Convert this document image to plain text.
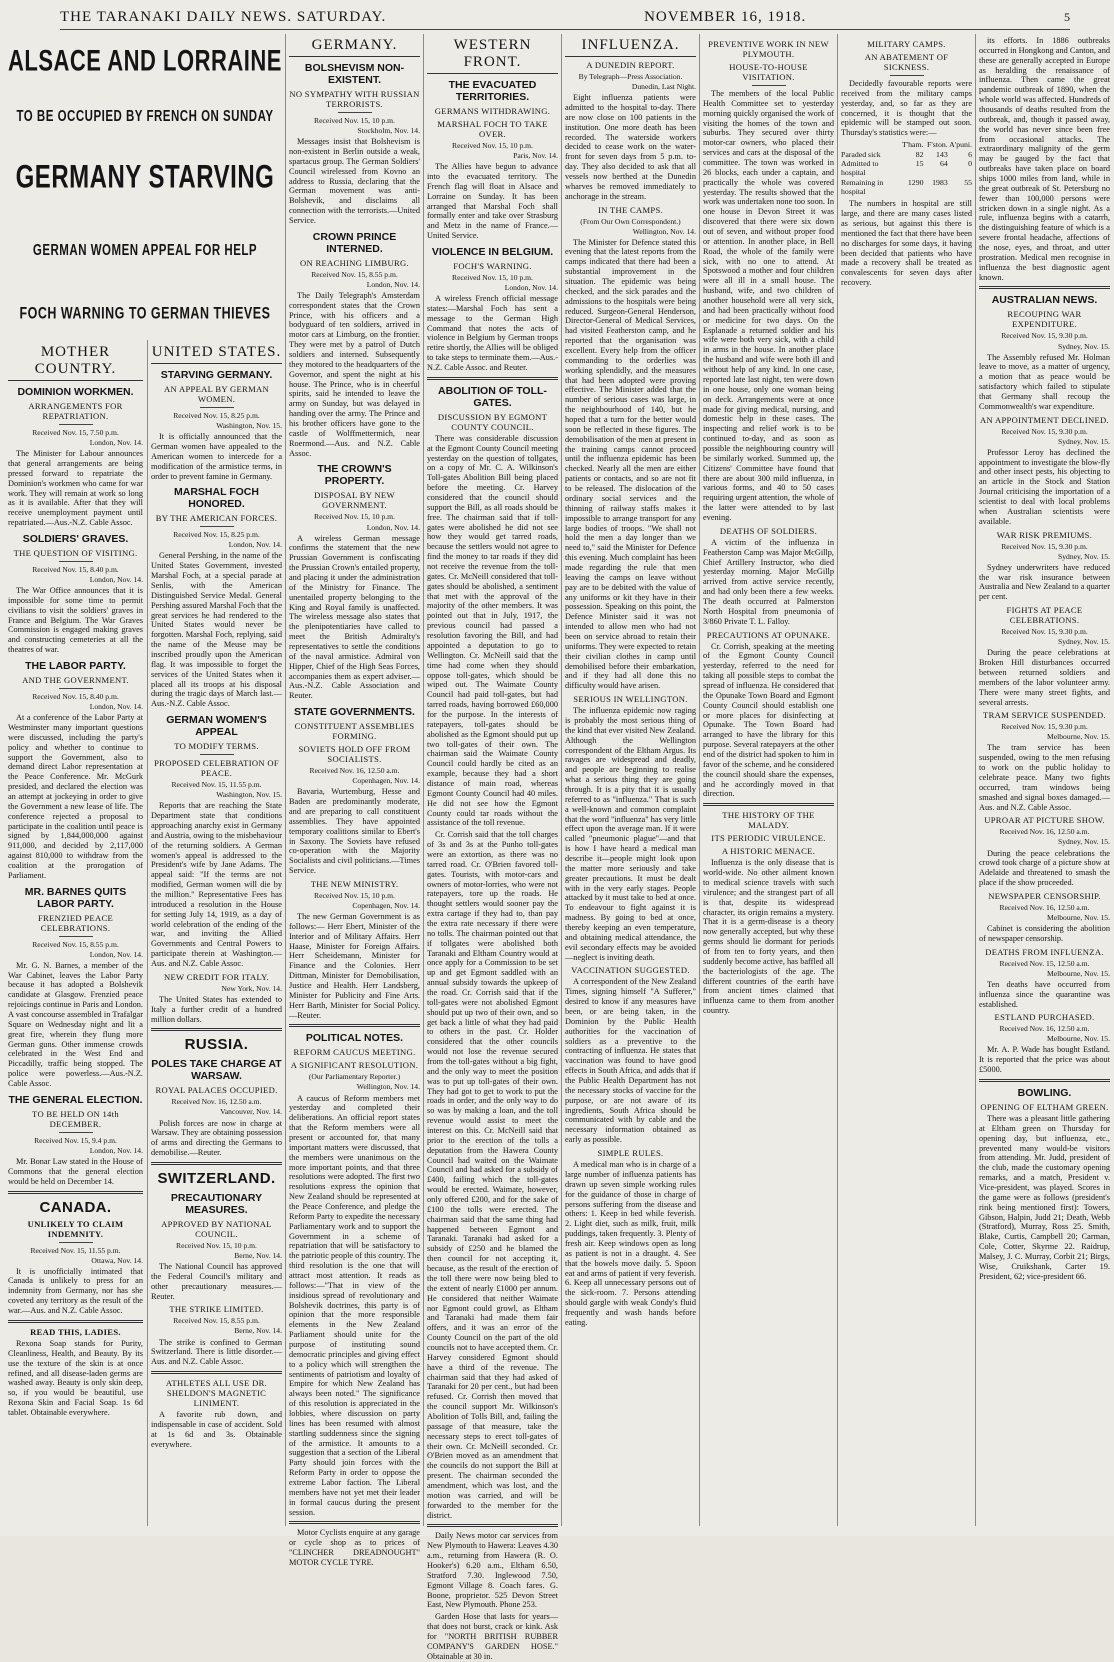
THE TARANAKI DAILY NEWS. SATURDAY.	NOVEMBER 16, 1918.	5
ALSACE AND LORRAINE
TO BE OCCUPIED BY FRENCH ON SUNDAY
GERMANY STARVING
GERMAN WOMEN APPEAL FOR HELP
FOCH WARNING TO GERMAN THIEVES
MOTHER COUNTRY.
DOMINION WORKMEN.
ARRANGEMENTS FOR REPATRIATION.

Received Nov. 15, 7.50 p.m.

London, Nov. 14.

The Minister for Labour announces that general arrangements are being pressed forward to repatriate the Dominion's workmen who came for war work. They will remain at work so long as it is available. After that they will receive unemployment payment until repatriated.—Aus.-N.Z. Cable Assoc.

SOLDIERS' GRAVES.
THE QUESTION OF VISITING.

Received Nov. 15, 8.40 p.m.

London, Nov. 14.

The War Office announces that it is impossible for some time to permit civilians to visit the soldiers' graves in France and Belgium. The War Graves Commission is engaged making graves and constructing cemeteries at all the theatres of war.

THE LABOR PARTY.
AND THE GOVERNMENT.

Received Nov. 15, 8.40 p.m.

London, Nov. 14.

At a conference of the Labor Party at Westminster many important questions were discussed, including the party's policy and whether to continue to support the Government, also to demand direct Labor representation at the Peace Conference. Mr. McGurk presided, and declared the election was an attempt at jockeying in order to give the Government a new lease of life. The conference rejected a proposal to participate in the coalition until peace is signed by 1,844,000,000 against 911,000, and decided by 2,117,000 against 810,000 to withdraw from the coalition at the prorogation of Parliament.

MR. BARNES QUITS LABOR PARTY.
FRENZIED PEACE CELEBRATIONS.

Received Nov. 15, 8.55 p.m.

London, Nov. 14.

Mr. G. N. Barnes, a member of the War Cabinet, leaves the Labor Party because it has adopted a Bolshevik candidate at Glasgow. Frenzied peace rejoicings continue in Paris and London. A vast concourse assembled in Trafalgar Square on Wednesday night and lit a great fire, wherein they flung more German guns. Other immense crowds celebrated in the West End and Piccadilly, traffic being stopped. The police were powerless.—Aus.-N.Z. Cable Assoc.

THE GENERAL ELECTION.
TO BE HELD ON 14th DECEMBER.

Received Nov. 15, 9.4 p.m.

London, Nov. 14.

Mr. Bonar Law stated in the House of Commons that the general election would be held on December 14.

CANADA.
UNLIKELY TO CLAIM INDEMNITY.

Received Nov. 15, 11.55 p.m.

Ottawa, Nov. 14.

It is unofficially intimated that Canada is unlikely to press for an indemnity from Germany, nor has she coveted any territory as the result of the war.—Aus. and N.Z. Cable Assoc.

READ THIS, LADIES.

Rexona Soap stands for Purity, Cleanliness, Health, and Beauty. By its use the texture of the skin is at once refined, and all disease-laden germs are washed away. Beauty is only skin deep, so, if you would be beautiful, use Rexona Skin and Facial Soap. 1s 6d tablet. Obtainable everywhere.

UNITED STATES.
STARVING GERMANY.
AN APPEAL BY GERMAN WOMEN.

Received Nov. 15, 8.25 p.m.

Washington, Nov. 15.

It is officially announced that the German women have appealed to the American women to intercede for a modification of the armistice terms, in order to prevent famine in Germany.

MARSHAL FOCH HONORED.
BY THE AMERICAN FORCES.

Received Nov. 15, 8.25 p.m.

London, Nov. 14.

General Pershing, in the name of the United States Government, invested Marshal Foch, at a special parade at Senlis, with the American Distinguished Service Medal. General Pershing assured Marshal Foch that the great services he had rendered to the United States would never be forgotten. Marshal Foch, replying, said the name of the Meuse may be inscribed proudly upon the American flag. It was impossible to forget the services of the United States when it placed all its troops at his disposal during the tragic days of March last.—Aus.-N.Z. Cable Assoc.

GERMAN WOMEN'S APPEAL
TO MODIFY TERMS.
PROPOSED CELEBRATION OF PEACE.

Received Nov. 15, 11.55 p.m.

Washington, Nov. 15.

Reports that are reaching the State Department state that conditions approaching anarchy exist in Germany and Austria, owing to the misbehaviour of the returning soldiers. A German women's appeal is addressed to the President's wife by Jane Adams. The appeal said: "If the terms are not modified, German women will die by the million." Representative Fees has introduced a resolution in the House for setting July 14, 1919, as a day of world celebration of the ending of the war, and inviting the Allied Governments and Central Powers to participate therein at Washington.—Aus. and N.Z. Cable Assoc.

NEW CREDIT FOR ITALY.

New York, Nov. 14.

The United States has extended to Italy a further credit of a hundred million dollars.

RUSSIA.
POLES TAKE CHARGE AT WARSAW.
ROYAL PALACES OCCUPIED.

Received Nov. 16, 12.50 a.m.

Vancouver, Nov. 14.

Polish forces are now in charge at Warsaw. They are obtaining possession of arms and directing the Germans to demobilise.—Reuter.

SWITZERLAND.
PRECAUTIONARY MEASURES.
APPROVED BY NATIONAL COUNCIL.

Received Nov. 15, 10 p.m.

Berne, Nov. 14.

The National Council has approved the Federal Council's military and other precautionary measures.—Reuter.

THE STRIKE LIMITED.

Received Nov. 15, 8.55 p.m.

Berne, Nov. 14.

The strike is confined to German Switzerland. There is little disorder.—Aus. and N.Z. Cable Assoc.

ATHLETES ALL USE DR. SHELDON'S MAGNETIC LINIMENT.

A favorite rub down, and indispensable in case of accident. Sold at 1s 6d and 3s. Obtainable everywhere.

GERMANY.
BOLSHEVISM NON-EXISTENT.
NO SYMPATHY WITH RUSSIAN TERRORISTS.

Received Nov. 15, 10 p.m.

Stockholm, Nov. 14.

Messages insist that Bolshevism is non-existent in Berlin outside a weak, spartacus group. The German Soldiers' Council wirelessed from Kovno an address to Russia, declaring that the German movement was anti-Bolshevik, and disclaims all connection with the terrorists.—United Service.

CROWN PRINCE INTERNED.
ON REACHING LIMBURG.

Received Nov. 15, 8.55 p.m.

London, Nov. 14.

The Daily Telegraph's Amsterdam correspondent states that the Crown Prince, with his officers and a bodyguard of ten soldiers, arrived in motor cars at Limburg, on the frontier. They were met by a patrol of Dutch soldiers and interned. Subsequently they motored to the headquarters of the Governor, and spent the night at his house. The Prince, who is in cheerful spirits, said he intended to leave the army on Sunday, but was delayed in handing over the army. The Prince and his brother officers have gone to the castle of Wolffmettermich, near Roermond.—Aus. and N.Z. Cable Assoc.

THE CROWN'S PROPERTY.
DISPOSAL BY NEW GOVERNMENT.

Received Nov. 15, 10 p.m.

London, Nov. 14.

A wireless German message confirms the statement that the new Prussian Government is confiscating the Prussian Crown's entailed property, and placing it under the administration of the Ministry for Finance. The unentailed property belonging to the King and Royal family is unaffected. The wireless message also states that the plenipotentiaries have called to meet the British Admiralty's representatives to settle the conditions of the naval armistice. Admiral von Hipper, Chief of the High Seas Forces, accompanies them as expert adviser.—Aus.-N.Z. Cable Association and Reuter.

STATE GOVERNMENTS.
CONSTITUENT ASSEMBLIES FORMING.
SOVIETS HOLD OFF FROM SOCIALISTS.

Received Nov. 16, 12.50 a.m.

Copenhagen, Nov. 14.

Bavaria, Wurtemburg, Hesse and Baden are predominantly moderate, and are preparing to call constituent assemblies. They have appointed temporary coalitions similar to Ebert's in Saxony. The Soviets have refused co-operation with the Majority Socialists and civil politicians.—Times Service.

THE NEW MINISTRY.

Received Nov. 15, 10 p.m.

Copenhagen, Nov. 14.

The new German Government is as follows:— Herr Ebert, Minister of the Interior and of Military Affairs. Herr Haase, Minister for Foreign Affairs. Herr Scheidemann, Minister for Finance and the Colonies. Herr Dittman, Minister for Demobilisation, Justice and Health. Herr Landsberg, Minister for Publicity and Fine Arts. Herr Barth, Minister for Social Policy.—Reuter.

POLITICAL NOTES.
REFORM CAUCUS MEETING.
A SIGNIFICANT RESOLUTION.

(Our Parliamentary Reporter.)

Wellington, Nov. 14.

A caucus of Reform members met yesterday and completed their deliberations. An official report states that the Reform members were all present or accounted for, that many important matters were discussed, that the members were unanimous on the more important points, and that three resolutions were adopted. The first two resolutions express the opinion that New Zealand should be represented at the Peace Conference, and pledge the Reform Party to expedite the necessary Parliamentary work and to support the Government in a scheme of repatriation that will be satisfactory to the patriotic people of this country. The third resolution is the one that will attract most attention. It reads as follows:—"That in view of the insidious spread of revolutionary and Bolshevik doctrines, this party is of opinion that the more responsible elements in the New Zealand Parliament should unite for the purpose of instituting sound democratic principles and giving effect to a policy which will strengthen the sentiments of patriotism and loyalty of Empire for which New Zealand has always been noted." The significance of this resolution is appreciated in the lobbies, where discussion on party lines has been resumed with almost startling suddenness since the signing of the armistice. It amounts to a suggestion that a section of the Liberal Party should join forces with the Reform Party in order to oppose the extreme Labor faction. The Liberal members have not yet met their leader in formal caucus during the present session.

Motor Cyclists enquire at any garage or cycle shop as to prices of "CLINCHER DREADNOUGHT" MOTOR CYCLE TYRE.

WESTERN FRONT.
THE EVACUATED TERRITORIES.
GERMANS WITHDRAWING.
MARSHAL FOCH TO TAKE OVER.

Received Nov. 15, 10 p.m.

Paris, Nov. 14.

The Allies have begun to advance into the evacuated territory. The French flag will float in Alsace and Lorraine on Sunday. It has been arranged that Marshal Foch shall formally enter and take over Strasburg and Metz in the name of France.—United Service.

VIOLENCE IN BELGIUM.
FOCH'S WARNING.

Received Nov. 15, 10 p.m.

London, Nov. 14.

A wireless French official message states:—Marshal Foch has sent a message to the German High Command that notes the acts of violence in Belgium by German troops retire shortly, the Allies will be obliged to take steps to terminate them.—Aus.-N.Z. Cable Assoc. and Reuter.

ABOLITION OF TOLL-GATES.
DISCUSSION BY EGMONT COUNTY COUNCIL.

There was considerable discussion at the Egmont County Council meeting yesterday on the question of tollgates, on a copy of Mr. C. A. Wilkinson's Toll-gates Abolition Bill being placed before the meeting. Cr. Harvey considered that the council should support the Bill, as all roads should be free. The chairman said that if toll-gates were abolished he did not see how they would get tarred roads, because the settlers would not agree to find the money to tar roads if they did not receive the revenue from the toll-gates. Cr. McNeill considered that toll-gates should be abolished, a sentiment that met with the approval of the majority of the other members. It was pointed out that in July, 1917, the previous council had passed a resolution favoring the Bill, and had appointed a deputation to go to Wellington. Cr. McNeill said that the time had come when they should oppose toll-gates, which should be wiped out. The Waimate County Council had paid toll-gates, but had tarred roads, having borrowed £60,000 for the purpose. In the interests of ratepayers, toll-gates should be abolished as the Egmont should put up two toll-gates of their own. The chairman said the Waimate County Council could hardly be cited as an example, because they had a short distance of main road, whereas Egmont County Council had 40 miles. He did not see how the Egmont County could tar roads without the assistance of the toll revenue.

Cr. Corrish said that the toll charges of 3s and 3s at the Punho toll-gates were an extortion, as there was no tarred road. Cr. O'Brien favored toll-gates. Tourists, with motor-cars and owners of motor-lorries, who were not ratepayers, tore up the roads. He thought settlers would sooner pay the extra cartage if they had to, than pay the extra rate necessary if there were no tolls. The chairman pointed out that if tollgates were abolished both Taranaki and Eltham Country would at once apply for a Commission to be set up and get Egmont saddled with an annual subsidy towards the upkeep of the road. Cr. Corrish said that if the toll-gates were not abolished Egmont should put up two of their own, and so get back a little of what they had paid to others in the past. Cr. Holder considered that the other councils would not lose the revenue secured from the toll-gates without a big fight, and the only way to meet the position was to put up toll-gates of their own. They had got to get to work to put the roads in order, and the only way to do so was by making a loan, and the toll revenue would assist to meet the interest on this. Cr. McNeill said that prior to the erection of the tolls a deputation from the Hawera County Council had waited on the Waimate Council and had asked for a subsidy of £400, failing which the toll-gates would be erected. Waimate, however, only offered £200, and for the sake of £100 the tolls were erected. The chairman said that the same thing had happened between Egmont and Taranaki. Taranaki had asked for a subsidy of £250 and he blamed the then council for not accepting it, because, as the result of the erection of the toll there were now being bled to the extent of nearly £1000 per annum. He considered that neither Waimate nor Egmont could growl, as Eltham and Taranaki had made them fair offers, and it was an error of the County Council on the part of the old councils not to have accepted them. Cr. Harvey considered Egmont should have a third of the revenue. The chairman said that they had asked of Taranaki for 20 per cent., but had been refused. Cr. Corrish then moved that the council support Mr. Wilkinson's Abolition of Tolls Bill, and, failing the passage of that measure, take the necessary steps to erect toll-gates of their own. Cr. McNeill seconded. Cr. O'Brien moved as an amendment that the councils do not support the Bill at present. The chairman seconded the amendment, which was lost, and the motion was carried, and will be forwarded to the member for the district.

Daily News motor car services from New Plymouth to Hawera: Leaves 4.30 a.m., returning from Hawera (R. O. Hooker's) 6.20 a.m., Eltham 6.50, Stratford 7.30. Inglewood 7.50, Egmont Village 8. Coach fares. G. Boone, proprietor. 525 Devon Street East, New Plymouth. Phone 253.

Garden Hose that lasts for years—that does not burst, crack or kink. Ask for "NORTH BRITISH RUBBER COMPANY'S GARDEN HOSE." Obtainable at 30 in.

INFLUENZA.
A DUNEDIN REPORT.

By Telegraph—Press Association.

Dunedin, Last Night.

Eight influenza patients were admitted to the hospital to-day. There are now close on 100 patients in the institution. One more death has been recorded. The waterside workers decided to cease work on the water-front for seven days from 5 p.m. to-day. They also decided to ask that all vessels now berthed at the Dunedin wharves be removed immediately to anchorage in the stream.

IN THE CAMPS.

(From Our Own Correspondent.)

Wellington, Nov. 14.

The Minister for Defence stated this evening that the latest reports from the camps indicated that there had been a substantial improvement in the situation. The epidemic was being checked, and the sick parades and the admissions to the hospitals were being reduced. Surgeon-General Henderson, Director-General of Medical Services, had visited Featherston camp, and he reported that the organisation was excellent. Every help from the officer commanding to the orderlies was working splendidly, and the measures that had been adopted were proving effective. The Minister added that the number of serious cases was large, in the neighbourhood of 140, but he hoped that a turn for the better would soon be reflected in these figures. The demobilisation of the men at present in the training camps cannot proceed until the influenza epidemic has been checked. Nearly all the men are either patients or contacts, and so are not fit to be released. The dislocation of the ordinary social services and the thinning of railway staffs makes it impossible to arrange transport for any large bodies of troops. "We shall not hold the men a day longer than we need to," said the Minister for Defence this evening. Much complaint has been made regarding the rule that men leaving the camps on leave without pay are to be debited with the value of any uniforms or kit they have in their possession. Speaking on this point, the Defence Minister said it was not intended to allow men who had not been on service abroad to retain their uniforms. They were expected to retain their civilian clothes in camp until demobilised before their embarkation, and if they had all done this no difficulty would have arisen.

SERIOUS IN WELLINGTON.

The influenza epidemic now raging is probably the most serious thing of the kind that ever visited New Zealand. Although the Wellington correspondent of the Eltham Argus. Its ravages are widespread and deadly, and people are beginning to realise what a serious thing they are going through. It is a pity that it is usually referred to as "influenza." That is such a well-known and common complaint that the word "influenza" has very little effect upon the average man. If it were called "pneumonic plague"—and that is how I have heard a medical man describe it—people might look upon the matter more seriously and take greater precautions. It must be dealt with in the very early stages. People attacked by it must take to bed at once. To endeavour to fight against it is madness. By going to bed at once, thereby keeping an even temperature, and obtaining medical attendance, the evil secondary effects may be avoided—neglect is inviting death.

VACCINATION SUGGESTED.

A correspondent of the New Zealand Times, signing himself "A Sufferer," desired to know if any measures have been, or are being taken, in the Dominion by the Public Health authorities for the vaccination of soldiers as a preventive to the contracting of influenza. He states that vaccination was found to have good effects in South Africa, and adds that if the Public Health Department has not the necessary stocks of vaccine for the purpose, or are not aware of its ingredients, South Africa should be communicated with by cable and the necessary information obtained as early as possible.

SIMPLE RULES.

A medical man who is in charge of a large number of influenza patients has drawn up seven simple working rules for the guidance of those in charge of persons suffering from the disease and others: 1. Keep in bed while feverish. 2. Light diet, such as milk, fruit, milk puddings, taken frequently. 3. Plenty of fresh air. Keep windows open as long as patient is not in a draught. 4. See that the bowels move daily. 5. Spoon eat and arms of patient if very feverish. 6. Keep all unnecessary persons out of the sick-room. 7. Persons attending should gargle with weak Condy's fluid frequently and wash hands before eating.

PREVENTIVE WORK IN NEW PLYMOUTH.
HOUSE-TO-HOUSE VISITATION.

The members of the local Public Health Committee set to yesterday morning quickly organised the work of visiting the homes of the town and suburbs. They secured over thirty motor-car owners, who placed their services and cars at the disposal of the committee. The town was worked in 26 blocks, each under a captain, and practically the whole was covered yesterday. The results showed that the work was undertaken none too soon. In one house in Devon Street it was discovered that there were six down out of seven, and without proper food or attention. In another place, in Bell Road, the whole of the family were sick, with no one to attend. At Spotswood a mother and four children were all ill in a small house. The husband, wife, and two children of another household were all very sick, and had been practically without food or medicine for two days. On the Esplanade a returned soldier and his wife were both very sick, with a child in arms in the house. In another place the husband and wife were both ill and without help of any kind. In one case, reported late last night, ten were down in one house, only one woman being on deck. Arrangements were at once made for giving medical, nursing, and domestic help in these cases. The inspecting and relief work is to be continued to-day, and as soon as possible the neighbouring country will be similarly worked. Summed up, the Citizens' Committee have found that there are about 300 mild influenza, in various forms, and 40 to 50 cases requiring urgent attention, the whole of the latter were attended to by last evening.

DEATHS OF SOLDIERS.

A victim of the influenza in Featherston Camp was Major McGillp, Chief Artillery Instructor, who died yesterday morning. Major McGillp arrived from active service recently, and had only been there a few weeks. The death occurred at Palmerston North Hospital from pneumonia of 3/860 Private T. L. Falloy.

PRECAUTIONS AT OPUNAKE.

Cr. Corrish, speaking at the meeting of the Egmont County Council yesterday, referred to the need for taking all possible steps to combat the spread of influenza. He considered that the Opunake Town Board and Egmont County Council should establish one or more places for disinfecting at Opunake. The Town Board had arranged to have the library for this purpose. Several ratepayers at the other end of the district had spoken to him in favor of the scheme, and he considered the council should share the expenses, and he accordingly moved in that direction.

THE HISTORY OF THE MALADY.
ITS PERIODIC VIRULENCE.
A HISTORIC MENACE.

Influenza is the only disease that is world-wide. No other ailment known to medical science travels with such virulence; and the strangest part of all is that, despite its widespread character, its origin remains a mystery. That it is a germ-disease is a theory now generally accepted, but why these germs should lie dormant for periods of from ten to forty years, and then suddenly become active, has baffled all the bacteriologists of the age. The different countries of the earth have from ancient times claimed that influenza came to them from another country.

MILITARY CAMPS.
AN ABATEMENT OF SICKNESS.

Decidedly favourable reports were received from the military camps yesterday, and, so far as they are concerned, it is thought that the epidemic will be stamped out soon. Thursday's statistics were:—

T'ham. F'ston. A'puni.
Paraded sick	82	143	6
Admitted to hospital
15	64	0
Remaining in hospital
1290	1983	55

The numbers in hospital are still large, and there are many cases listed as serious, but against this there is mentioned the fact that there have been no discharges for some days, it having been decided that patients who have made a recovery shall be treated as convalescents for seven days after recovery.

its efforts. In 1886 outbreaks occurred in Hongkong and Canton, and these are generally accepted in Europe as heralding the renaissance of influenza. Then came the great pandemic outbreak of 1890, when the whole world was affected. Hundreds of thousands of deaths resulted from the outbreak, and, though it passed away, the world has never since been free from occasional attacks. The extraordinary malignity of the germ may be gauged by the fact that outbreaks have taken place on board ships 1000 miles from land, while in the great outbreak of St. Petersburg no fewer than 100,000 persons were stricken down in a single night. As a rule, influenza begins with a catarrh, the distinguishing feature of which is a severe frontal headache, affections of the nose, eyes, and throat, and utter prostration. Medical men recognise in influenza the best diagnostic agent known.

AUSTRALIAN NEWS.
RECOUPING WAR EXPENDITURE.

Received Nov. 15, 9.30 p.m.

Sydney, Nov. 15.

The Assembly refused Mr. Holman leave to move, as a matter of urgency, a motion that as peace would be satisfactory which failed to stipulate that Germany shall recoup the Commonwealth's war expenditure.

AN APPOINTMENT DECLINED.

Received Nov. 15, 9.30 p.m.

Sydney, Nov. 15.

Professor Leroy has declined the appointment to investigate the blow-fly and other insect pests, his objecting to an article in the Stock and Station Journal criticising the importation of a scientist to deal with local problems when Australian scientists were available.

WAR RISK PREMIUMS.

Received Nov. 15, 9.30 p.m.

Sydney, Nov. 15.

Sydney underwriters have reduced the war risk insurance between Australia and New Zealand to a quarter per cent.

FIGHTS AT PEACE CELEBRATIONS.

Received Nov. 15, 9.30 p.m.

Sydney, Nov. 15.

During the peace celebrations at Broken Hill disturbances occurred between returned soldiers and members of the labor volunteer army. There were many street fights, and several arrests.

TRAM SERVICE SUSPENDED.

Received Nov. 15, 9.30 p.m.

Melbourne, Nov. 15.

The tram service has been suspended, owing to the men refusing to work on the public holiday to celebrate peace. Many two fights occurred, tram windows being smashed and signal boxes damaged.—Aus. and N.Z. Cable Assoc.

UPROAR AT PICTURE SHOW.

Received Nov. 16, 12.50 a.m.

Sydney, Nov. 15.

During the peace celebrations the crowd took charge of a picture show at Adelaide and threatened to smash the place if the show proceeded.

NEWSPAPER CENSORSHIP.

Received Nov. 16, 12.50 a.m.

Melbourne, Nov. 15.

Cabinet is considering the abolition of newspaper censorship.

DEATHS FROM INFLUENZA.

Received Nov. 15, 12.50 a.m.

Melbourne, Nov. 15.

Ten deaths have occurred from influenza since the quarantine was established.

ESTLAND PURCHASED.

Received Nov. 16, 12.50 a.m.

Melbourne, Nov. 15.

Mr. A. P. Wade has bought Estland. It is reported that the price was about £5000.

BOWLING.
OPENING OF ELTHAM GREEN.

There was a pleasant little gathering at Eltham green on Thursday for opening day, but influenza, etc., prevented many would-be visitors from attending. Mr. Judd, president of the club, made the customary opening remarks, and a match, President v. Vice-president, was played. Scores in the game were as follows (president's rink being mentioned first): Towers, Gibson, Halpin, Judd 21; Death, Webb (Stratford), Murray, Ross 25. Smith, Blake, Curtis, Campbell 20; Carman, Cole, Cotter, Skyrme 22. Raidrup, Malsey, J. C. Murray, Corbit 21; Birgs, Wise, Cruikshank, Carter 19. President, 62; vice-president 66.
